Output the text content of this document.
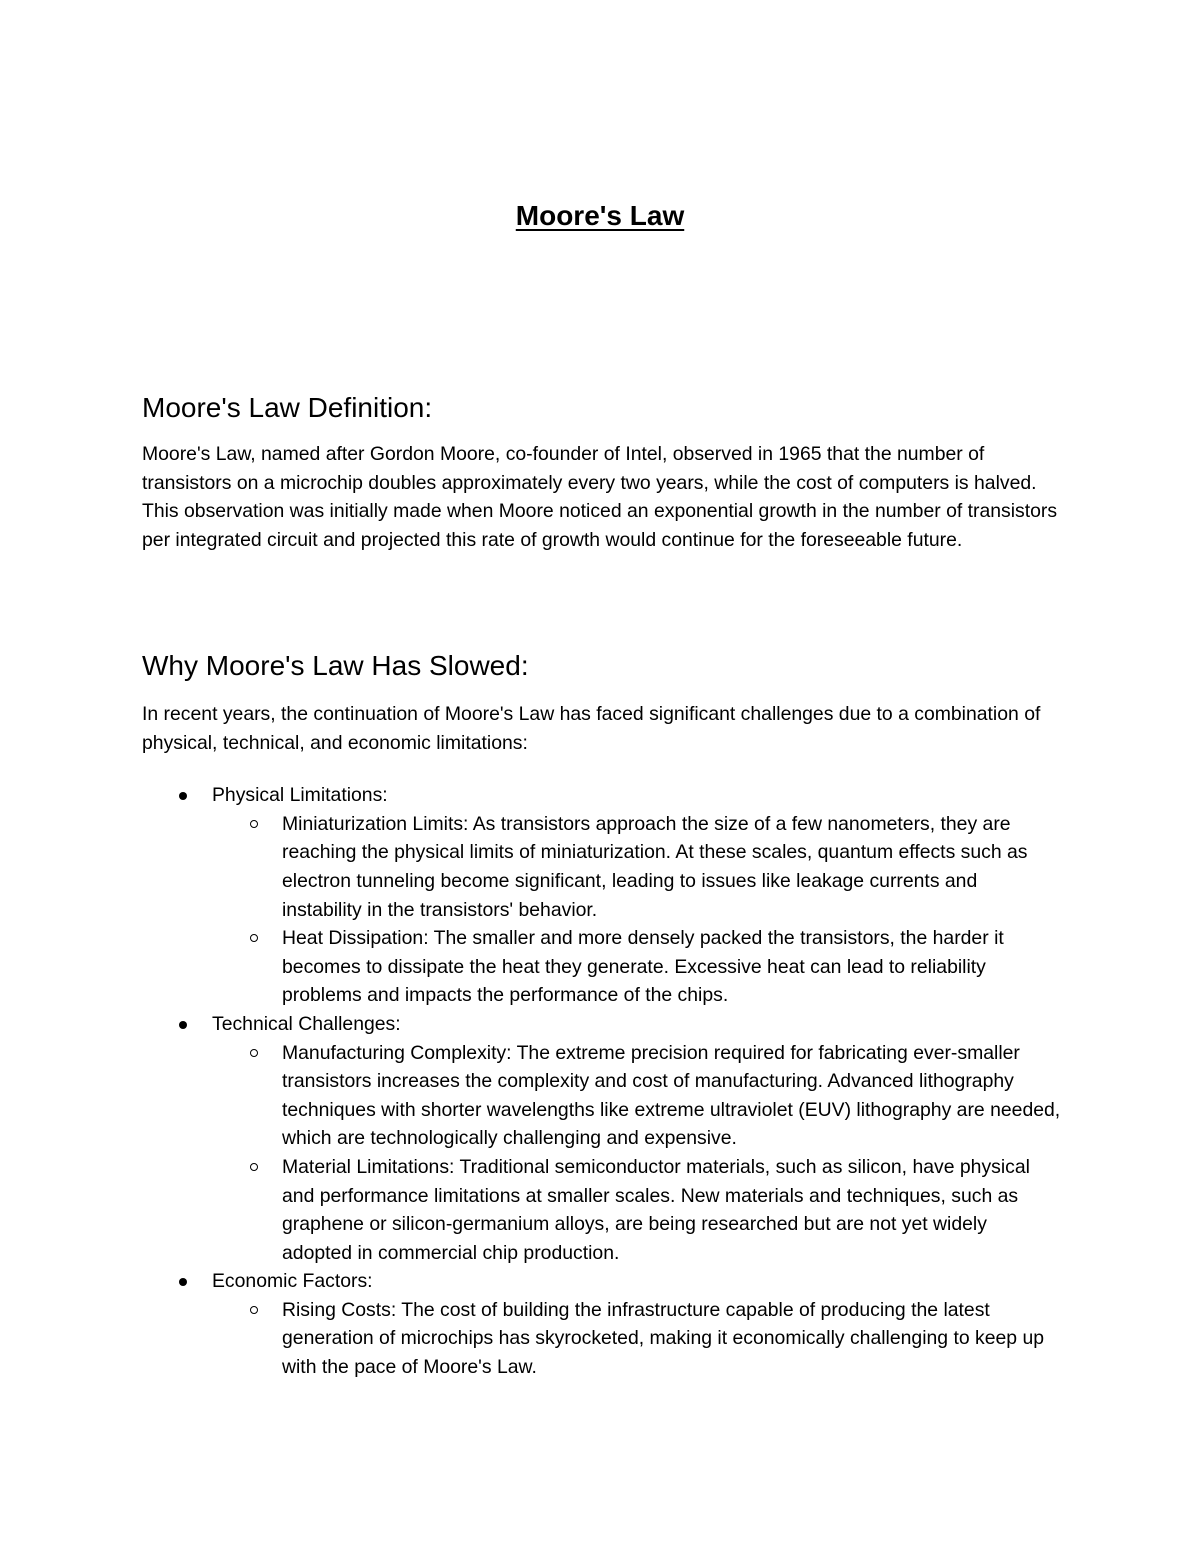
Moore's Law
Moore's Law Definition:

Moore's Law, named after Gordon Moore, co-founder of Intel, observed in 1965 that the number of transistors on a microchip doubles approximately every two years, while the cost of computers is halved. This observation was initially made when Moore noticed an exponential growth in the number of transistors per integrated circuit and projected this rate of growth would continue for the foreseeable future.

Why Moore's Law Has Slowed:

In recent years, the continuation of Moore's Law has faced significant challenges due to a combination of physical, technical, and economic limitations:

Physical Limitations:
Miniaturization Limits: As transistors approach the size of a few nanometers, they are reaching the physical limits of miniaturization. At these scales, quantum effects such as electron tunneling become significant, leading to issues like leakage currents and instability in the transistors' behavior.
Heat Dissipation: The smaller and more densely packed the transistors, the harder it becomes to dissipate the heat they generate. Excessive heat can lead to reliability problems and impacts the performance of the chips.
Technical Challenges:
Manufacturing Complexity: The extreme precision required for fabricating ever-smaller transistors increases the complexity and cost of manufacturing. Advanced lithography techniques with shorter wavelengths like extreme ultraviolet (EUV) lithography are needed, which are technologically challenging and expensive.
Material Limitations: Traditional semiconductor materials, such as silicon, have physical and performance limitations at smaller scales. New materials and techniques, such as graphene or silicon-germanium alloys, are being researched but are not yet widely adopted in commercial chip production.
Economic Factors:
Rising Costs: The cost of building the infrastructure capable of producing the latest generation of microchips has skyrocketed, making it economically challenging to keep up with the pace of Moore's Law.
